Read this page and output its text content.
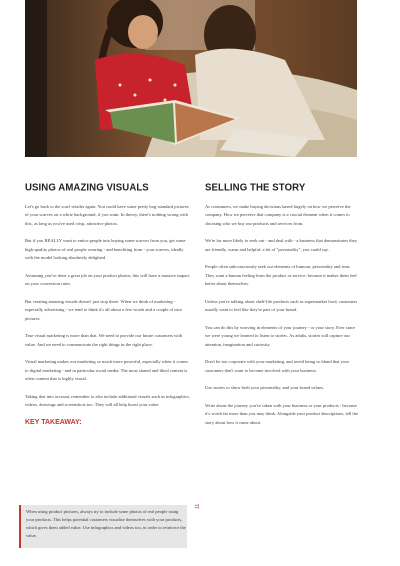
USING AMAZING VISUALS

Let's go back to the scarf retailer again. You could have some pretty bog-standard pictures of your scarves on a white background, if you want. In theory, there's nothing wrong with this, as long as you've used crisp, attractive photos.

But if you REALLY want to entice people into buying some scarves from you, get some high-quality photos of real people wearing - and benefiting from - your scarves, ideally with the model looking absolutely delighted.

Assuming you've done a great job on your product photos, this will have a massive impact on your conversion rates.

But creating amazing visuals doesn't just stop there. When we think of marketing - especially advertising - we tend to think it's all about a few words and a couple of nice pictures.

True visual marketing is more than that. We need to provide our future customers with value. And we need to communicate the right things in the right place.

Visual marketing makes our marketing so much more powerful, especially when it comes to digital marketing - and in particular social media. The most shared and liked content is often content that is highly visual.

Taking that into account, remember to also include additional visuals such as infographics, videos, drawings and screenshots too. They will all help boost your value.

KEY TAKEAWAY:

When using product pictures, always try to include some photos of real people using your products. This helps potential customers visualise themselves with your products, which gives them added value. Use infographics and videos too, in order to reinforce the value.

SELLING THE STORY

As consumers, we make buying decisions based largely on how we perceive the company. How we perceive that company is a crucial element when it comes to choosing who we buy our products and services from.

We're far more likely to seek out - and deal with - a business that demonstrates they are friendly, warm and helpful: a bit of "personality", you could say.

People often subconsciously seek out elements of humour, personality and trust. They want a human feeling from the product or service, because it makes them feel better about themselves.

Unless you're talking about shelf-life products such as supermarket food, customers usually want to feel like they're part of your brand.

You can do this by weaving in elements of your journey - or your story. Ever since we were young we learned to listen to stories. As adults, stories still capture our attention, imagination and curiosity.

Don't be too corporate with your marketing, and avoid being so bland that your customers don't want to become involved with your business.

Use stories to show both your personality, and your brand values.

Write about the journey you've taken with your business or your products - because it's worth far more than you may think. Alongside your product descriptions, tell the story about how it came about.

11
